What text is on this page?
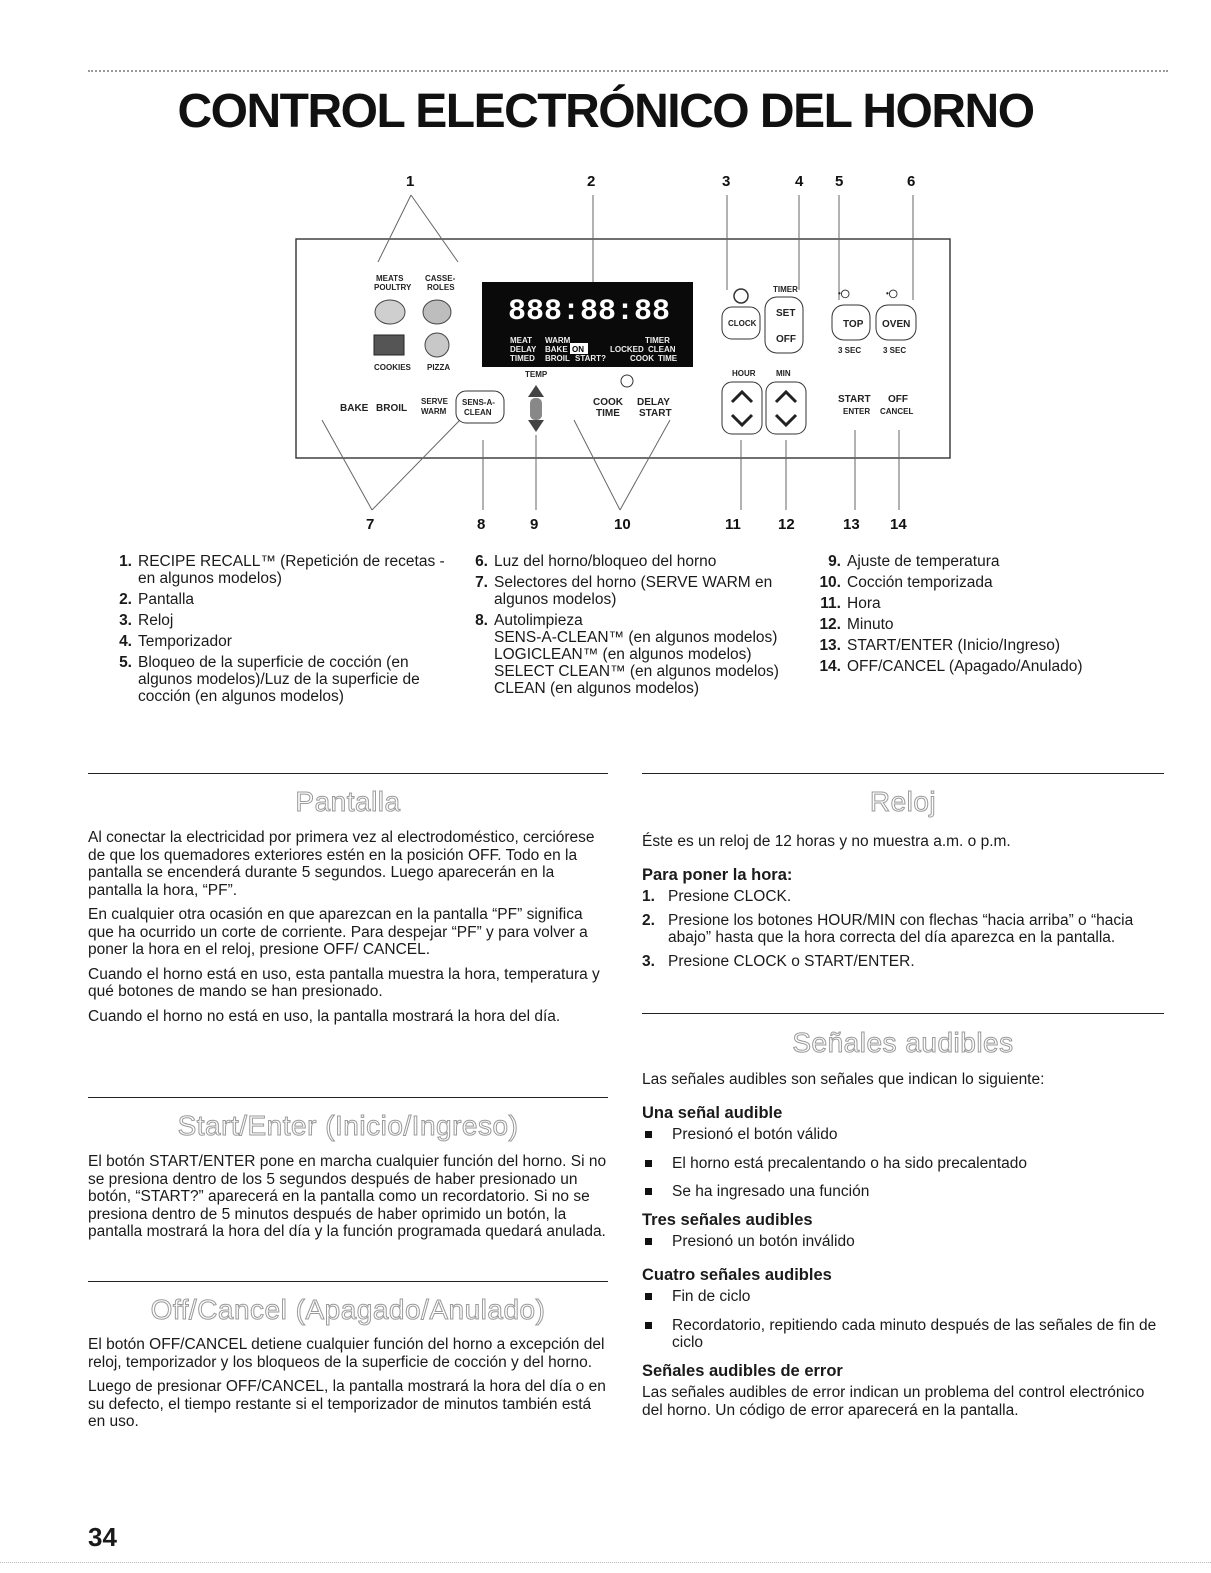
CONTROL ELECTRÓNICO DEL HORNO
1	2	3	4 5	6
7	8	9	10	11 12	13 14
MEATS
POULTRY
CASSE-
ROLES
COOKIES PIZZA
BAKE BROIL
SERVE
WARM
SENS-A-
CLEAN
888:88:88
MEAT WARM	TIMER
DELAY BAKE ON	LOCKED CLEAN
TIMED BROIL START?	COOK TIME
TEMP
COOK
TIME
DELAY
START
CLOCK
TIMER
SET
OFF
•◯	•◯
TOP OVEN
3 SEC	3 SEC
HOUR	MIN
START
ENTER
OFF
CANCEL
1. RECIPE RECALL™ (Repetición de recetas - en algunos modelos)
2. Pantalla
3. Reloj
4. Temporizador
5. Bloqueo de la superficie de cocción (en algunos modelos)/Luz de la superficie de cocción (en algunos modelos)
6. Luz del horno/bloqueo del horno
7. Selectores del horno (SERVE WARM en algunos modelos)
8. Autolimpieza
SENS-A-CLEAN™ (en algunos modelos)
LOGICLEAN™ (en algunos modelos)
SELECT CLEAN™ (en algunos modelos)
CLEAN (en algunos modelos)
9. Ajuste de temperatura
10. Cocción temporizada
11. Hora
12. Minuto
13. START/ENTER (Inicio/Ingreso)
14. OFF/CANCEL (Apagado/Anulado)
Pantalla

Al conectar la electricidad por primera vez al electrodoméstico, cerciórese de que los quemadores exteriores estén en la posición OFF. Todo en la pantalla se encenderá durante 5 segundos. Luego aparecerán en la pantalla la hora, “PF”.

En cualquier otra ocasión en que aparezcan en la pantalla “PF” significa que ha ocurrido un corte de corriente. Para despejar “PF” y para volver a poner la hora en el reloj, presione OFF/ CANCEL.

Cuando el horno está en uso, esta pantalla muestra la hora, temperatura y qué botones de mando se han presionado.

Cuando el horno no está en uso, la pantalla mostrará la hora del día.

Start/Enter (Inicio/Ingreso)

El botón START/ENTER pone en marcha cualquier función del horno. Si no se presiona dentro de los 5 segundos después de haber presionado un botón, “START?” aparecerá en la pantalla como un recordatorio. Si no se presiona dentro de 5 minutos después de haber oprimido un botón, la pantalla mostrará la hora del día y la función programada quedará anulada.

Off/Cancel (Apagado/Anulado)

El botón OFF/CANCEL detiene cualquier función del horno a excepción del reloj, temporizador y los bloqueos de la superficie de cocción y del horno.

Luego de presionar OFF/CANCEL, la pantalla mostrará la hora del día o en su defecto, el tiempo restante si el temporizador de minutos también está en uso.

Reloj

Éste es un reloj de 12 horas y no muestra a.m. o p.m.

Para poner la hora:
1. Presione CLOCK.
2. Presione los botones HOUR/MIN con flechas “hacia arriba” o “hacia abajo” hasta que la hora correcta del día aparezca en la pantalla.
3. Presione CLOCK o START/ENTER.
Señales audibles

Las señales audibles son señales que indican lo siguiente:

Una señal audible
Presionó el botón válido
El horno está precalentando o ha sido precalentado
Se ha ingresado una función
Tres señales audibles
Presionó un botón inválido
Cuatro señales audibles
Fin de ciclo
Recordatorio, repitiendo cada minuto después de las señales de fin de ciclo
Señales audibles de error

Las señales audibles de error indican un problema del control electrónico del horno. Un código de error aparecerá en la pantalla.

34
